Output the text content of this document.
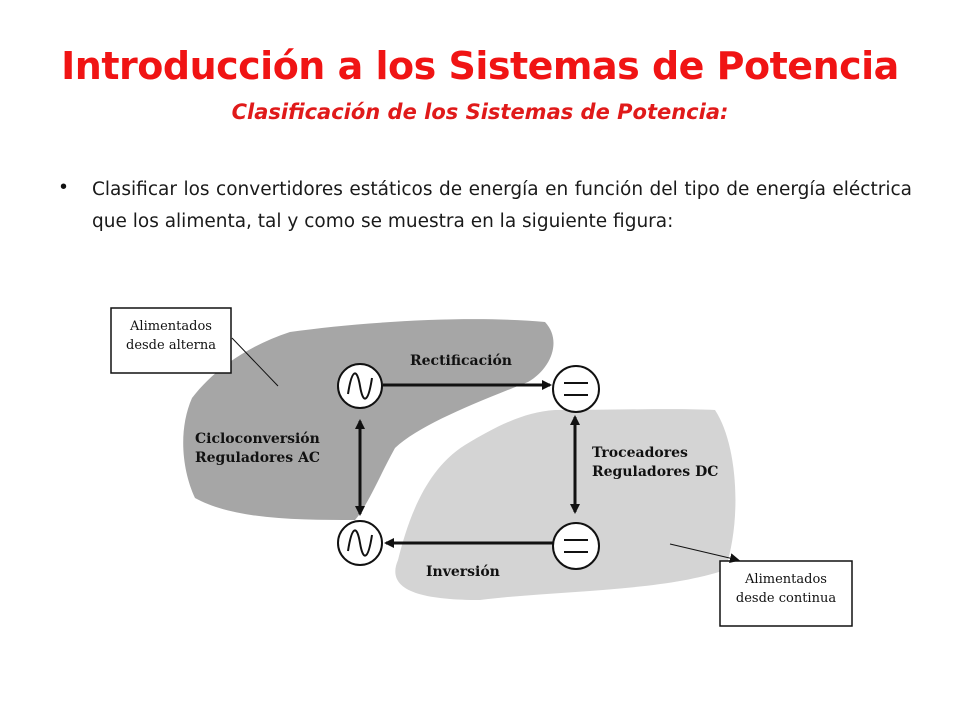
Introducción a los Sistemas de Potencia
Clasificación de los Sistemas de Potencia:
• Clasificar los convertidores estáticos de energía en función del tipo de energía eléctrica que los alimenta, tal y como se muestra en la siguiente figura:

Rectificación
Inversión
Cicloconversión
Reguladores AC	Troceadores
Reguladores DC
Alimentados
desde alterna
Alimentados
desde continua
